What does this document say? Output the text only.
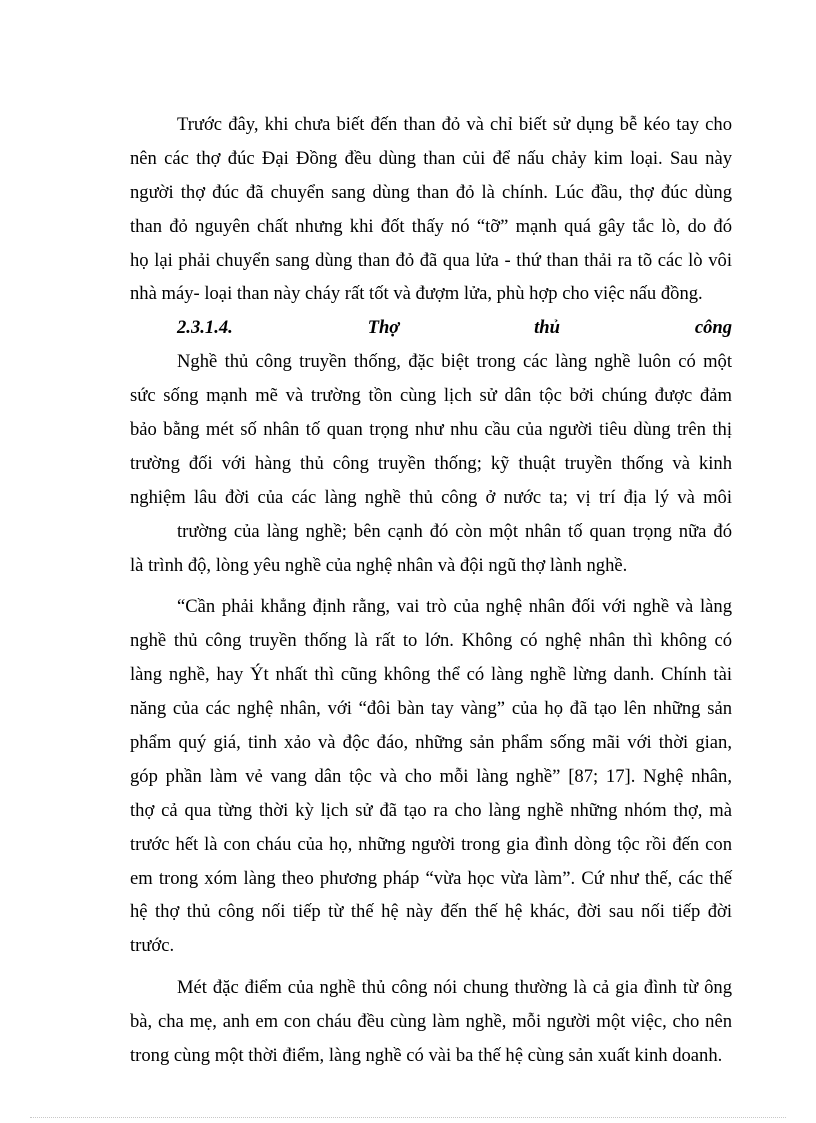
Trước đây, khi chưa biết đến than đỏ và chỉ biết sử dụng bễ kéo tay cho
nên các thợ đúc Đại Đồng đều dùng than củi để nấu chảy kim loại. Sau này
người thợ đúc đã chuyển sang dùng than đỏ là chính. Lúc đầu, thợ đúc dùng
than đỏ nguyên chất nhưng khi đốt thấy nó “tỡ” mạnh quá gây tắc lò, do đó
họ lại phải chuyển sang dùng than đỏ đã qua lửa - thứ than thải ra tõ các lò vôi
nhà máy- loại than này cháy rất tốt và đượm lửa, phù hợp cho việc nấu đồng.
2.3.1.4.	Thợ	thủ	công
Nghề thủ công truyền thống, đặc biệt trong các làng nghề luôn có một
sức sống mạnh mẽ và trường tồn cùng lịch sử dân tộc bởi chúng được đảm
bảo bằng mét số nhân tố quan trọng như nhu cầu của người tiêu dùng trên thị
trường đối với hàng thủ công truyền thống; kỹ thuật truyền thống và kinh
nghiệm lâu đời của các làng nghề thủ công ở nước ta; vị trí địa lý và môi
trường của làng nghề; bên cạnh đó còn một nhân tố quan trọng nữa đó
là trình độ, lòng yêu nghề của nghệ nhân và đội ngũ thợ lành nghề.
“Cần phải khẳng định rằng, vai trò của nghệ nhân đối với nghề và làng
nghề thủ công truyền thống là rất to lớn. Không có nghệ nhân thì không có
làng nghề, hay Ýt nhất thì cũng không thể có làng nghề lừng danh. Chính tài
năng của các nghệ nhân, với “đôi bàn tay vàng” của họ đã tạo lên những sản
phẩm quý giá, tinh xảo và độc đáo, những sản phẩm sống mãi với thời gian,
góp phần làm vẻ vang dân tộc và cho mỗi làng nghề” [87; 17]. Nghệ nhân,
thợ cả qua từng thời kỳ lịch sử đã tạo ra cho làng nghề những nhóm thợ, mà
trước hết là con cháu của họ, những người trong gia đình dòng tộc rồi đến con
em trong xóm làng theo phương pháp “vừa học vừa làm”. Cứ như thế, các thế
hệ thợ thủ công nối tiếp từ thế hệ này đến thế hệ khác, đời sau nối tiếp đời
trước.
Mét đặc điểm của nghề thủ công nói chung thường là cả gia đình từ ông
bà, cha mẹ, anh em con cháu đều cùng làm nghề, mỗi người một việc, cho nên
trong cùng một thời điểm, làng nghề có vài ba thế hệ cùng sản xuất kinh doanh.
